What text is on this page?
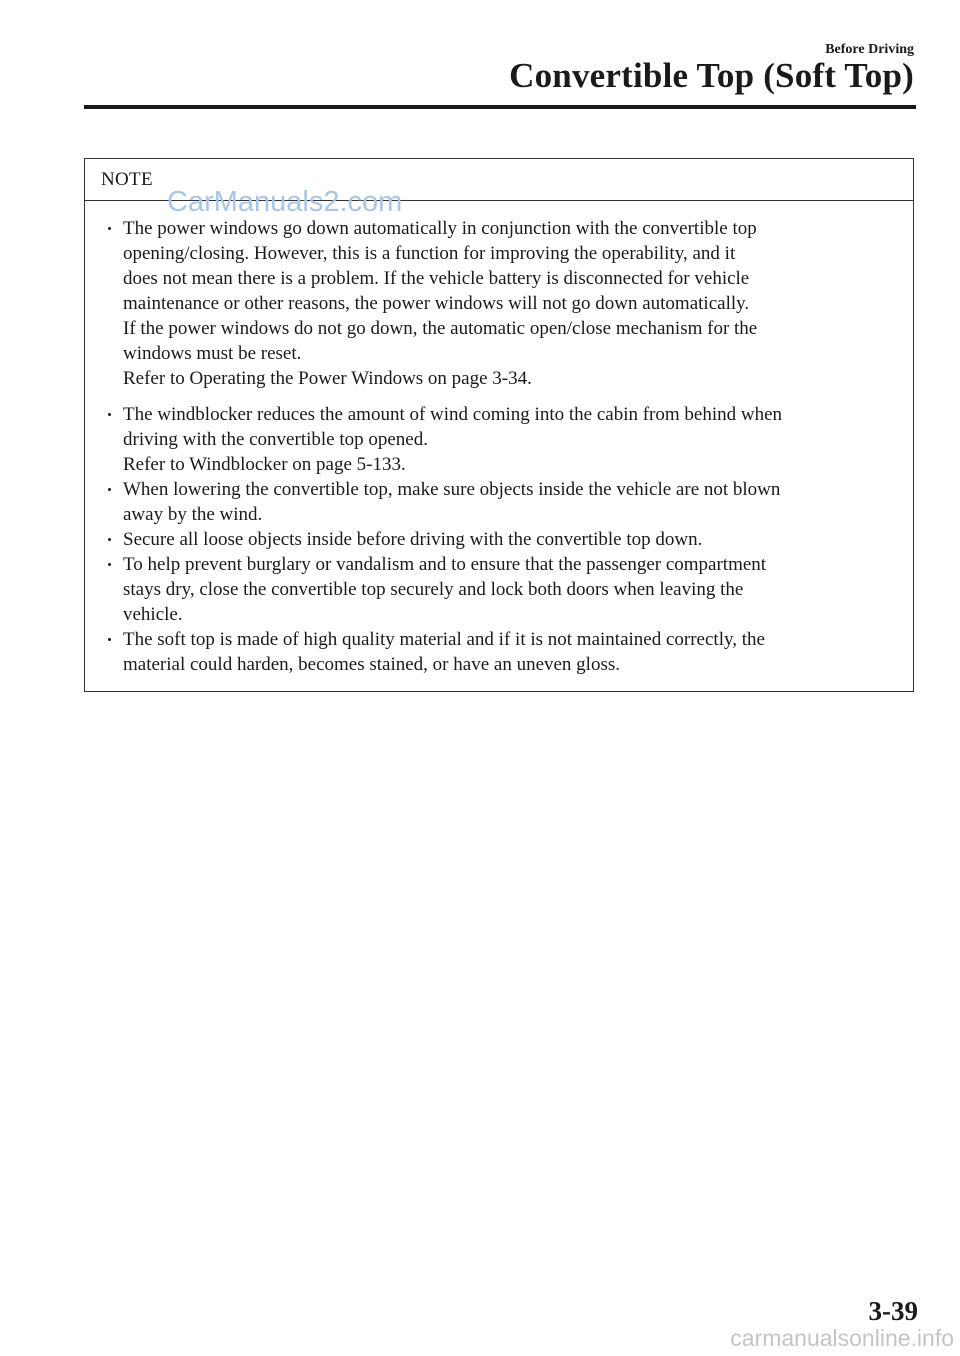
Before Driving
Convertible Top (Soft Top)
NOTE
The power windows go down automatically in conjunction with the convertible top
opening/closing. However, this is a function for improving the operability, and it
does not mean there is a problem. If the vehicle battery is disconnected for vehicle
maintenance or other reasons, the power windows will not go down automatically.
If the power windows do not go down, the automatic open/close mechanism for the
windows must be reset.
Refer to Operating the Power Windows on page 3-34.
The windblocker reduces the amount of wind coming into the cabin from behind when
driving with the convertible top opened.
Refer to Windblocker on page 5-133.
When lowering the convertible top, make sure objects inside the vehicle are not blown
away by the wind.
Secure all loose objects inside before driving with the convertible top down.
To help prevent burglary or vandalism and to ensure that the passenger compartment
stays dry, close the convertible top securely and lock both doors when leaving the
vehicle.
The soft top is made of high quality material and if it is not maintained correctly, the
material could harden, becomes stained, or have an uneven gloss.
CarManuals2.com
3-39
carmanualsonline.info
